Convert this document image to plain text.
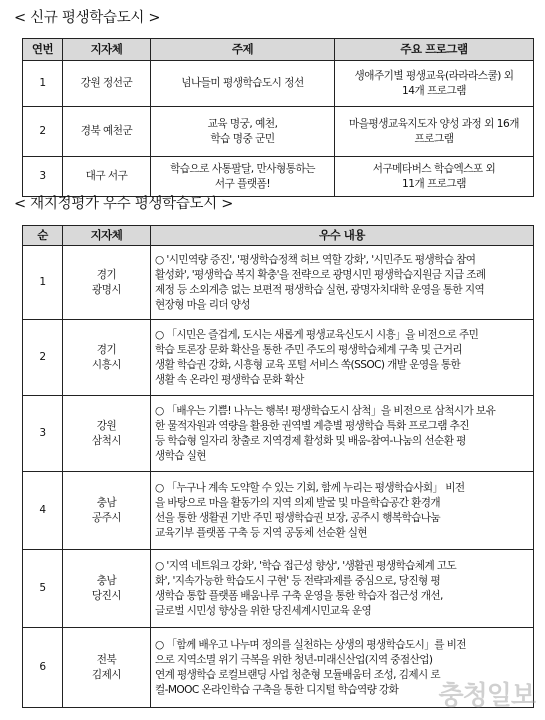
< 신규 평생학습도시 >
연번	지자체	주제	주요 프로그램
1	강원 정선군	넘나들미 평생학습도시 정선	생애주기별 평생교육(라라라스쿨) 외
14개 프로그램

2	경북 예천군	교육 명궁, 예천,
학습 명중 군민	마을평생교육지도자 양성 과정 외 16개
프로그램

3	대구 서구	학습으로 사통팔달, 만사형통하는
서구 플랫폼!	서구메타버스 학습엑스포 외
11개 프로그램
< 재지정평가 우수 평생학습도시 >
순	지자체	우수 내용
1	경기
광명시	○ '시민역량 증진', '평생학습정책 허브 역할 강화', '시민주도 평생학습 참여
활성화', '평생학습 복지 확충'을 전략으로 광명시민 평생학습지원금 지급 조례
제정 등 소외계층 없는 보편적 평생학습 실현, 광명자치대학 운영을 통한 지역
현장형 마을 리더 양성

2	경기
시흥시	○ 「시민은 즐겁게, 도시는 새롭게 평생교육신도시 시흥」을 비전으로 주민
학습 토론장 문화 확산을 통한 주민 주도의 평생학습체계 구축 및 근거리
생활 학습권 강화, 시흥형 교육 포털 서비스 쏙(SSOC) 개발 운영을 통한
생활 속 온라인 평생학습 문화 확산

3	강원
삼척시	○ 「배우는 기쁨! 나누는 행복! 평생학습도시 삼척」을 비전으로 삼척시가 보유
한 물적자원과 역량을 활용한 권역별 계층별 평생학습 특화 프로그램 추진
등 학습형 일자리 창출로 지역경제 활성화 및 배움-참여-나눔의 선순환 평
생학습 실현

4	충남
공주시	○ 「누구나 계속 도약할 수 있는 기회, 함께 누리는 평생학습사회」 비전
을 바탕으로 마을 활동가의 지역 의제 발굴 및 마을학습공간 환경개
선을 통한 생활권 기반 주민 평생학습권 보장, 공주시 행복학습나눔
교육기부 플랫폼 구축 등 지역 공동체 선순환 실현

5	충남
당진시	○ '지역 네트워크 강화', '학습 접근성 향상', '생활권 평생학습체계 고도
화', '지속가능한 학습도시 구현' 등 전략과제를 중심으로, 당진형 평
생학습 통합 플랫폼 배움나루 구축 운영을 통한 학습자 접근성 개선,
글로벌 시민성 향상을 위한 당진세계시민교육 운영

6	전북
김제시	○ 「함께 배우고 나누며 정의를 실천하는 상생의 평생학습도시」를 비전
으로 지역소멸 위기 극복을 위한 청년-미래신산업(지역 중점산업)
연계 평생학습 로컬브랜딩 사업 청춘형 모듈배움터 조성, 김제시 로
컬-MOOC 온라인학습 구축을 통한 디지털 학습역량 강화	충청일보
